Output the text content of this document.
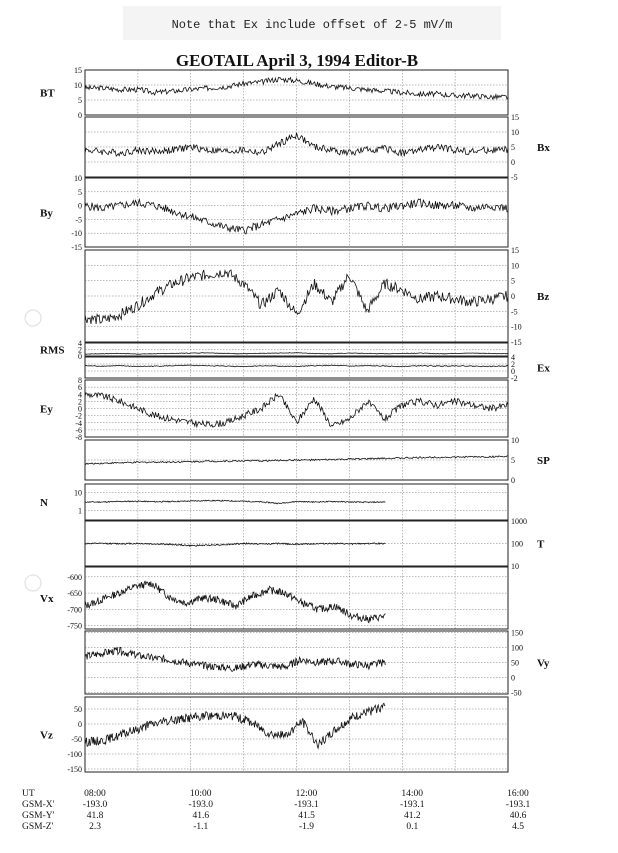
Note that Ex include offset of 2-5 mV/m
GEOTAIL April 3, 1994 Editor-B
15
10
5
0
BT
15
10
5
0
-5
Bx
10
5
0
-5
-10
-15
By
15
10
5
0
-5
-10
-15
Bz
4
2
0
RMS
4
2
0
-2
Ex
8
6
4
2
0
-2
-4
-6
-8
Ey
10
5
0
SP
10
1
N
1000
100
10
T
-600
-650
-700
-750
Vx
150
100
50
0
-50
Vy
50
0
-50
-100
-150
Vz
UT
GSM-X'
GSM-Y'
GSM-Z'
08:00
-193.0
41.8
2.3
10:00
-193.0
41.6
-1.1
12:00
-193.1
41.5
-1.9
14:00
-193.1
41.2
0.1
16:00
-193.1
40.6
4.5
